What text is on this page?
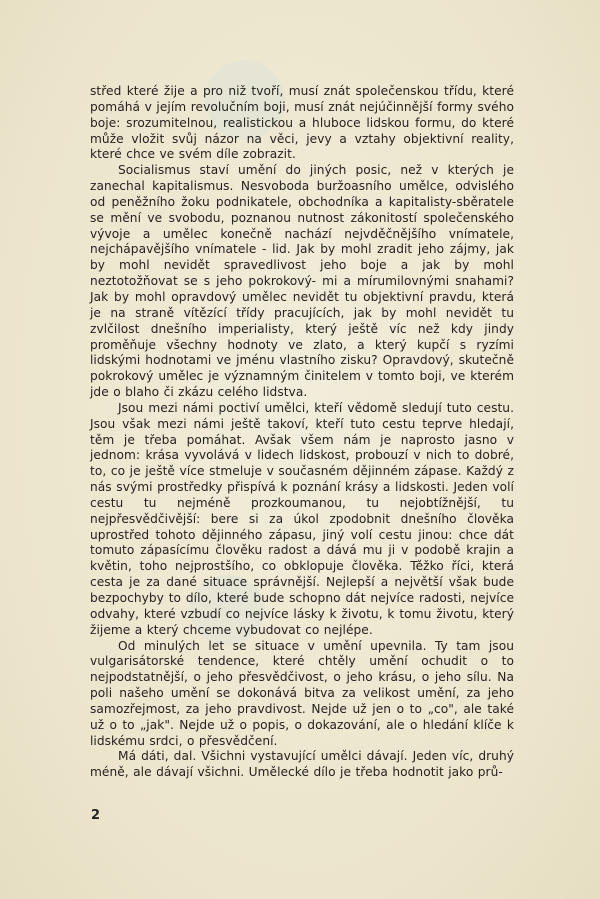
střed které žije a pro niž tvoří, musí znát společenskou třídu, které pomáhá v jejím revolučním boji, musí znát nejúčinnější formy svého boje: srozumitelnou, realistickou a hluboce lidskou formu, do které může vložit svůj názor na věci, jevy a vztahy objektivní reality, které chce ve svém díle zobrazit.

Socialismus staví umění do jiných posic, než v kterých je zanechal kapitalismus. Nesvoboda buržoasního umělce, odvislého od peněžního žoku podnikatele, obchodníka a kapitalisty-sběratele se mění ve svobodu, poznanou nutnost zákonitostí společenského vývoje a umělec konečně nachází nejvděčnějšího vnímatele, nejchápavějšího vnímatele - lid. Jak by mohl zradit jeho zájmy, jak by mohl nevidět spravedlivost jeho boje a jak by mohl neztotožňovat se s jeho pokrokový- mi a mírumilovnými snahami? Jak by mohl opravdový umělec nevidět tu objektivní pravdu, která je na straně vítězící třídy pracujících, jak by mohl nevidět tu zvlčilost dnešního imperialisty, který ještě víc než kdy jindy proměňuje všechny hodnoty ve zlato, a který kupčí s ryzími lidskými hodnotami ve jménu vlastního zisku? Opravdový, skutečně pokrokový umělec je významným činitelem v tomto boji, ve kterém jde o blaho či zkázu celého lidstva.

Jsou mezi námi poctiví umělci, kteří vědomě sledují tuto cestu. Jsou však mezi námi ještě takoví, kteří tuto cestu teprve hledají, těm je třeba pomáhat. Avšak všem nám je naprosto jasno v jednom: krása vyvolává v lidech lidskost, probouzí v nich to dobré, to, co je ještě více stmeluje v současném dějinném zápase. Každý z nás svými prostředky přispívá k poznání krásy a lidskosti. Jeden volí cestu tu nejméně prozkoumanou, tu nejobtížnější, tu nejpřesvědčivější: bere si za úkol zpodobnit dnešního člověka uprostřed tohoto dějinného zápasu, jiný volí cestu jinou: chce dát tomuto zápasícímu člověku radost a dává mu ji v podobě krajin a květin, toho nejprostšího, co obklopuje člověka. Těžko říci, která cesta je za dané situace správnější. Nejlepší a největší však bude bezpochyby to dílo, které bude schopno dát nejvíce radosti, nejvíce odvahy, které vzbudí co nejvíce lásky k životu, k tomu životu, který žijeme a který chceme vybudovat co nejlépe.

Od minulých let se situace v umění upevnila. Ty tam jsou vulgarisátorské tendence, které chtěly umění ochudit o to nejpodstatnější, o jeho přesvědčivost, o jeho krásu, o jeho sílu. Na poli našeho umění se dokonává bitva za velikost umění, za jeho samozřejmost, za jeho pravdivost. Nejde už jen o to „co", ale také už o to „jak". Nejde už o popis, o dokazování, ale o hledání klíče k lidskému srdci, o přesvědčení.

Má dáti, dal. Všichni vystavující umělci dávají. Jeden víc, druhý méně, ale dávají všichni. Umělecké dílo je třeba hodnotit jako prů-

2
